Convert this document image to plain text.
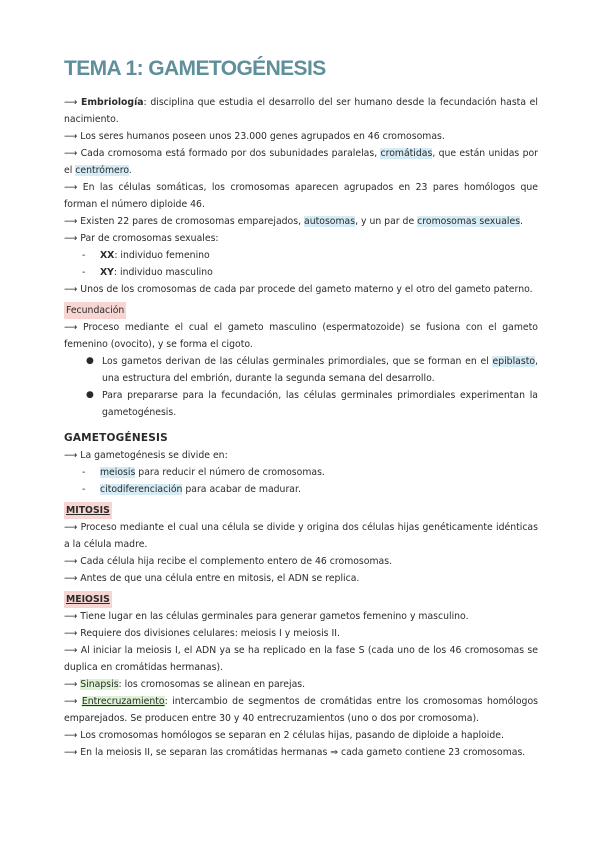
TEMA 1: GAMETOGÉNESIS

⟶ Embriología: disciplina que estudia el desarrollo del ser humano desde la fecundación hasta el nacimiento.

⟶ Los seres humanos poseen unos 23.000 genes agrupados en 46 cromosomas.

⟶ Cada cromosoma está formado por dos subunidades paralelas, cromátidas, que están unidas por el centrómero.

⟶ En las células somáticas, los cromosomas aparecen agrupados en 23 pares homólogos que forman el número diploide 46.

⟶ Existen 22 pares de cromosomas emparejados, autosomas, y un par de cromosomas sexuales.

⟶ Par de cromosomas sexuales:

- XX: individuo femenino

- XY: individuo masculino

⟶ Unos de los cromosomas de cada par procede del gameto materno y el otro del gameto paterno.

Fecundación

⟶ Proceso mediante el cual el gameto masculino (espermatozoide) se fusiona con el gameto femenino (ovocito), y se forma el cigoto.

● Los gametos derivan de las células germinales primordiales, que se forman en el epiblasto, una estructura del embrión, durante la segunda semana del desarrollo.

● Para prepararse para la fecundación, las células germinales primordiales experimentan la gametogénesis.

GAMETOGÉNESIS

⟶ La gametogénesis se divide en:

- meiosis para reducir el número de cromosomas.

- citodiferenciación para acabar de madurar.

MITOSIS

⟶ Proceso mediante el cual una célula se divide y origina dos células hijas genéticamente idénticas a la célula madre.

⟶ Cada célula hija recibe el complemento entero de 46 cromosomas.

⟶ Antes de que una célula entre en mitosis, el ADN se replica.

MEIOSIS

⟶ Tiene lugar en las células germinales para generar gametos femenino y masculino.

⟶ Requiere dos divisiones celulares: meiosis I y meiosis II.

⟶ Al iniciar la meiosis I, el ADN ya se ha replicado en la fase S (cada uno de los 46 cromosomas se duplica en cromátidas hermanas).

⟶ Sinapsis: los cromosomas se alinean en parejas.

⟶ Entrecruzamiento: intercambio de segmentos de cromátidas entre los cromosomas homólogos emparejados. Se producen entre 30 y 40 entrecruzamientos (uno o dos por cromosoma).

⟶ Los cromosomas homólogos se separan en 2 células hijas, pasando de diploide a haploide.

⟶ En la meiosis II, se separan las cromátidas hermanas ⇒ cada gameto contiene 23 cromosomas.
